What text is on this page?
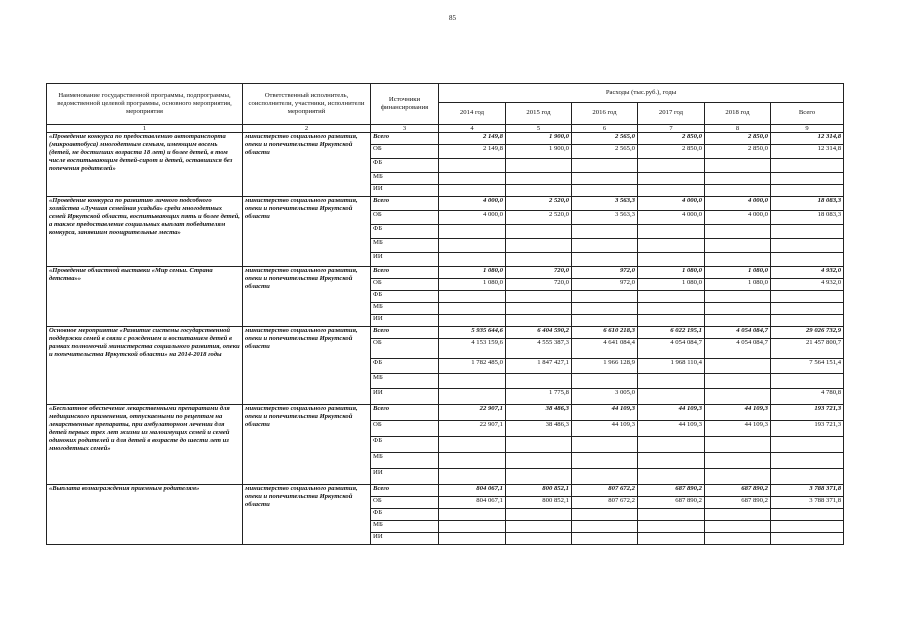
85
Наименование государственной программы, подпрограммы, ведомственной целевой программы, основного мероприятия, мероприятия	Ответственный исполнитель, соисполнители, участники, исполнители мероприятий	Источники финансирования	Расходы (тыс.руб.), годы					
			2014 год	2015 год	2016 год	2017 год	2018 год	Всего
1	2	3	4	5	6	7	8	9
«Проведение конкурса по предоставлению автотранспорта (микроавтобуса) многодетным семьям, имеющим восемь (детей, не достигших возраста 18 лет) и более детей, в том числе воспитывающим детей-сирот и детей, оставшихся без попечения родителей»	министерство социального развития, опеки и попечительства Иркутской области	Всего	2 149,8	1 900,0	2 565,0	2 850,0	2 850,0	12 314,8
		ОБ	2 149,8	1 900,0	2 565,0	2 850,0	2 850,0	12 314,8
		ФБ						
		МБ						
		ИИ						
«Проведение конкурса по развитию личного подсобного хозяйства «Лучшая семейная усадьба» среди многодетных семей Иркутской области, воспитывающих пять и более детей, а также предоставление социальных выплат победителям конкурса, занявшим поощрительные места»	министерство социального развития, опеки и попечительства Иркутской области	Всего	4 000,0	2 520,0	3 563,3	4 000,0	4 000,0	18 083,3
		ОБ	4 000,0	2 520,0	3 563,3	4 000,0	4 000,0	18 083,3
		ФБ						
		МБ						
		ИИ						
«Проведение областной выставки «Мир семьи. Страна детства»»	министерство социального развития, опеки и попечительства Иркутской области	Всего	1 080,0	720,0	972,0	1 080,0	1 080,0	4 932,0
		ОБ	1 080,0	720,0	972,0	1 080,0	1 080,0	4 932,0
		ФБ						
		МБ						
		ИИ						
Основное мероприятие «Развитие системы государственной поддержки семей в связи с рождением и воспитанием детей в рамках полномочий министерства социального развития, опеки и попечительства Иркутской области» на 2014-2018 годы	министерство социального развития, опеки и попечительства Иркутской области	Всего	5 935 644,6	6 404 590,2	6 610 218,3	6 022 195,1	4 054 084,7	29 026 732,9
		ОБ	4 153 159,6	4 555 387,3	4 641 084,4	4 054 084,7	4 054 084,7	21 457 800,7
		ФБ	1 782 485,0	1 847 427,1	1 966 128,9	1 968 110,4		7 564 151,4
		МБ						
		ИИ		1 775,8	3 005,0			4 780,8
«Бесплатное обеспечение лекарственными препаратами для медицинского применения, отпускаемыми по рецептам на лекарственные препараты, при амбулаторном лечении для детей первых трех лет жизни из малоимущих семей и семей одиноких родителей и для детей в возрасте до шести лет из многодетных семей»	министерство социального развития, опеки и попечительства Иркутской области	Всего	22 907,1	38 486,3	44 109,3	44 109,3	44 109,3	193 721,3
		ОБ	22 907,1	38 486,3	44 109,3	44 109,3	44 109,3	193 721,3
		ФБ						
		МБ						
		ИИ						
«Выплата вознаграждения приемным родителям»	министерство социального развития, опеки и попечительства Иркутской области	Всего	804 067,1	800 852,1	807 672,2	687 890,2	687 890,2	3 788 371,8
		ОБ	804 067,1	800 852,1	807 672,2	687 890,2	687 890,2	3 788 371,8
		ФБ						
		МБ						
		ИИ						
